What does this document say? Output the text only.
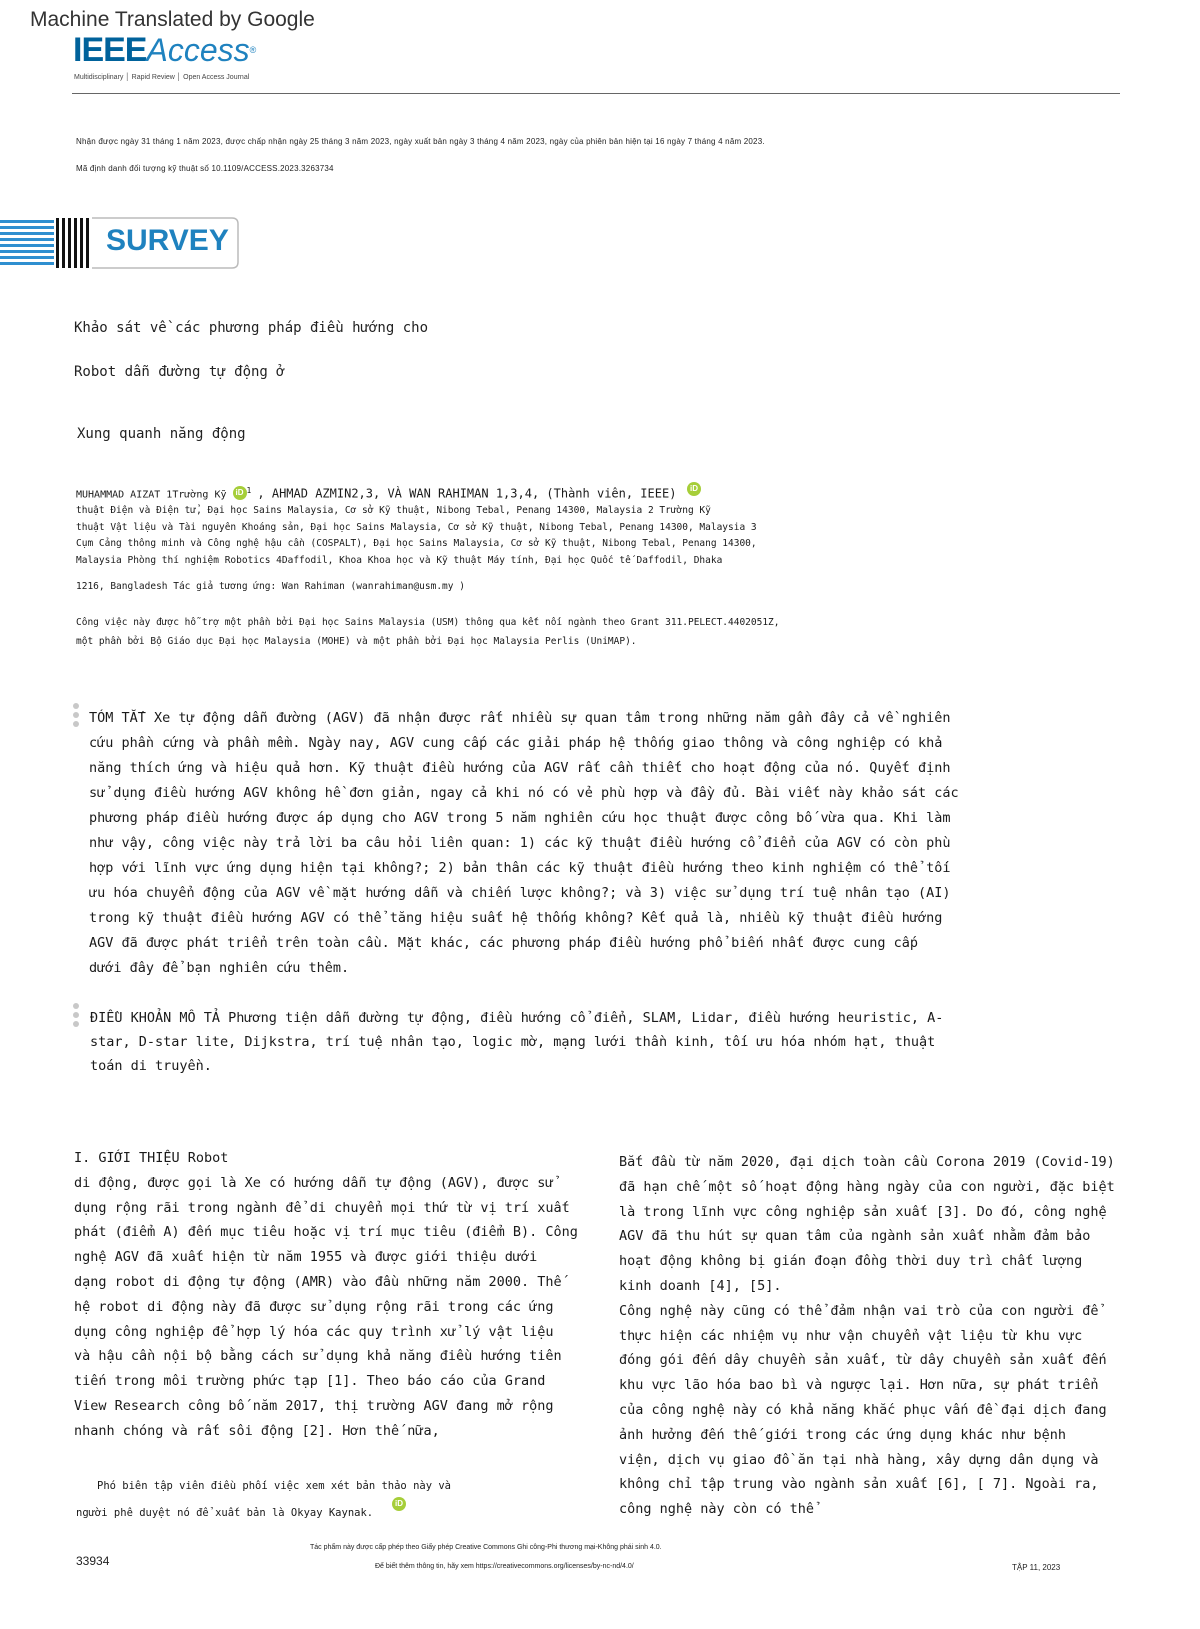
Machine Translated by Google
IEEEAccess®
Multidisciplinary │ Rapid Review │ Open Access Journal
Nhận được ngày 31 tháng 1 năm 2023, được chấp nhận ngày 25 tháng 3 năm 2023, ngày xuất bản ngày 3 tháng 4 năm 2023, ngày của phiên bản hiện tại 16 ngày 7 tháng 4 năm 2023.
Mã định danh đối tượng kỹ thuật số 10.1109/ACCESS.2023.3263734
SURVEY
Khảo sát về các phương pháp điều hướng cho
Robot dẫn đường tự động ở
Xung quanh năng động
MUHAMMAD AIZAT 1Trường Kỹ iD $^1$ , AHMAD AZMIN2,3, VÀ WAN RAHIMAN 1,3,4, (Thành viên, IEEE)	iD
thuật Điện và Điện tử, Đại học Sains Malaysia, Cơ sở Kỹ thuật, Nibong Tebal, Penang 14300, Malaysia 2 Trường Kỹ
thuật Vật liệu và Tài nguyên Khoáng sản, Đại học Sains Malaysia, Cơ sở Kỹ thuật, Nibong Tebal, Penang 14300, Malaysia 3
Cụm Cảng thông minh và Công nghệ hậu cần (COSPALT), Đại học Sains Malaysia, Cơ sở Kỹ thuật, Nibong Tebal, Penang 14300,
Malaysia Phòng thí nghiệm Robotics 4Daffodil, Khoa Khoa học và Kỹ thuật Máy tính, Đại học Quốc tế Daffodil, Dhaka
1216, Bangladesh Tác giả tương ứng: Wan Rahiman (wanrahiman@usm.my )
Công việc này được hỗ trợ một phần bởi Đại học Sains Malaysia (USM) thông qua kết nối ngành theo Grant 311.PELECT.4402051Z,
một phần bởi Bộ Giáo dục Đại học Malaysia (MOHE) và một phần bởi Đại học Malaysia Perlis (UniMAP).
TÓM TẮT Xe tự động dẫn đường (AGV) đã nhận được rất nhiều sự quan tâm trong những năm gần đây cả về nghiên
cứu phần cứng và phần mềm. Ngày nay, AGV cung cấp các giải pháp hệ thống giao thông và công nghiệp có khả
năng thích ứng và hiệu quả hơn. Kỹ thuật điều hướng của AGV rất cần thiết cho hoạt động của nó. Quyết định
sử dụng điều hướng AGV không hề đơn giản, ngay cả khi nó có vẻ phù hợp và đầy đủ. Bài viết này khảo sát các
phương pháp điều hướng được áp dụng cho AGV trong 5 năm nghiên cứu học thuật được công bố vừa qua. Khi làm
như vậy, công việc này trả lời ba câu hỏi liên quan: 1) các kỹ thuật điều hướng cổ điển của AGV có còn phù
hợp với lĩnh vực ứng dụng hiện tại không?; 2) bản thân các kỹ thuật điều hướng theo kinh nghiệm có thể tối
ưu hóa chuyển động của AGV về mặt hướng dẫn và chiến lược không?; và 3) việc sử dụng trí tuệ nhân tạo (AI)
trong kỹ thuật điều hướng AGV có thể tăng hiệu suất hệ thống không? Kết quả là, nhiều kỹ thuật điều hướng
AGV đã được phát triển trên toàn cầu. Mặt khác, các phương pháp điều hướng phổ biến nhất được cung cấp
dưới đây để bạn nghiên cứu thêm.
ĐIỀU KHOẢN MÔ TẢ Phương tiện dẫn đường tự động, điều hướng cổ điển, SLAM, Lidar, điều hướng heuristic, A-
star, D-star lite, Dijkstra, trí tuệ nhân tạo, logic mờ, mạng lưới thần kinh, tối ưu hóa nhóm hạt, thuật
toán di truyền.
I. GIỚI THIỆU Robot
di động, được gọi là Xe có hướng dẫn tự động (AGV), được sử
dụng rộng rãi trong ngành để di chuyển mọi thứ từ vị trí xuất
phát (điểm A) đến mục tiêu hoặc vị trí mục tiêu (điểm B). Công
nghệ AGV đã xuất hiện từ năm 1955 và được giới thiệu dưới
dạng robot di động tự động (AMR) vào đầu những năm 2000. Thế
hệ robot di động này đã được sử dụng rộng rãi trong các ứng
dụng công nghiệp để hợp lý hóa các quy trình xử lý vật liệu
và hậu cần nội bộ bằng cách sử dụng khả năng điều hướng tiên
tiến trong môi trường phức tạp [1]. Theo báo cáo của Grand
View Research công bố năm 2017, thị trường AGV đang mở rộng
nhanh chóng và rất sôi động [2]. Hơn thế nữa,
Phó biên tập viên điều phối việc xem xét bản thảo này và
người phê duyệt nó để xuất bản là Okyay Kaynak.
iD
Bắt đầu từ năm 2020, đại dịch toàn cầu Corona 2019 (Covid-19)
đã hạn chế một số hoạt động hàng ngày của con người, đặc biệt
là trong lĩnh vực công nghiệp sản xuất [3]. Do đó, công nghệ
AGV đã thu hút sự quan tâm của ngành sản xuất nhằm đảm bảo
hoạt động không bị gián đoạn đồng thời duy trì chất lượng
kinh doanh [4], [5].
Công nghệ này cũng có thể đảm nhận vai trò của con người để
thực hiện các nhiệm vụ như vận chuyển vật liệu từ khu vực
đóng gói đến dây chuyền sản xuất, từ dây chuyền sản xuất đến
khu vực lão hóa bao bì và ngược lại. Hơn nữa, sự phát triển
của công nghệ này có khả năng khắc phục vấn đề đại dịch đang
ảnh hưởng đến thế giới trong các ứng dụng khác như bệnh
viện, dịch vụ giao đồ ăn tại nhà hàng, xây dựng dân dụng và
không chỉ tập trung vào ngành sản xuất [6], [ 7]. Ngoài ra,
công nghệ này còn có thể
33934
Tác phẩm này được cấp phép theo Giấy phép Creative Commons Ghi công-Phi thương mại-Không phái sinh 4.0.
Để biết thêm thông tin, hãy xem https://creativecommons.org/licenses/by-nc-nd/4.0/	TẬP 11, 2023
